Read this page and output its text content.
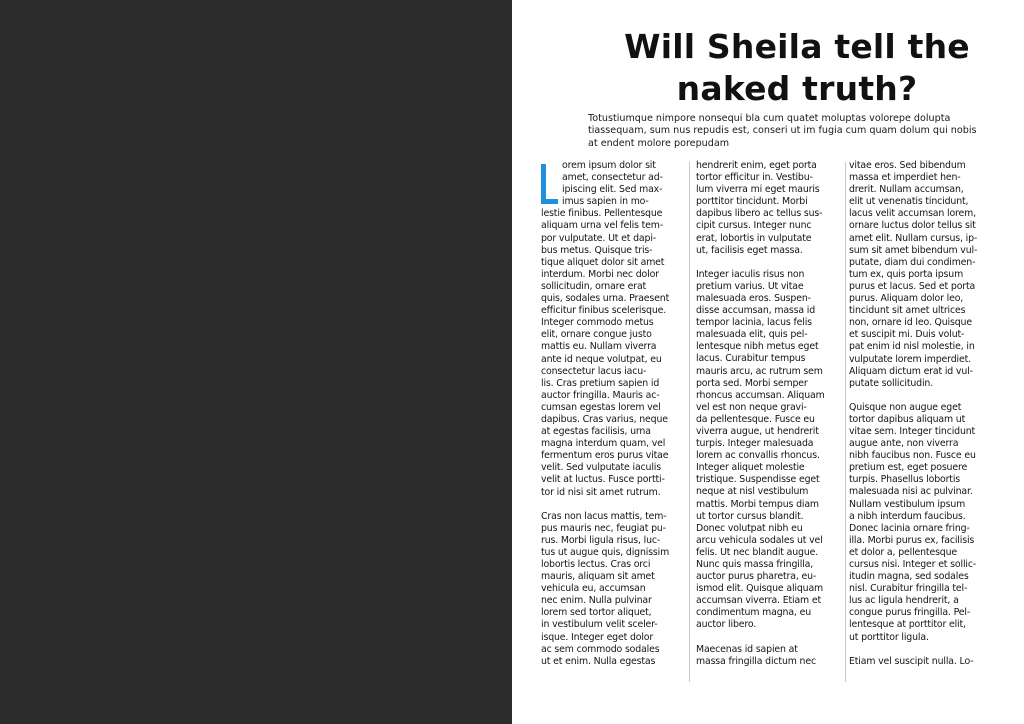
Will Sheila tell the naked truth?

Totustiumque nimpore nonsequi bla cum quatet moluptas volorepe dolupta tiassequam, sum nus repudis est, conseri ut im fugia cum quam dolum qui nobis at endent molore porepudam

orem ipsum dolor sit
amet, consectetur ad-
ipiscing elit. Sed max-
imus sapien in mo-

lestie finibus. Pellentesque
aliquam urna vel felis tem-
por vulputate. Ut et dapi-
bus metus. Quisque tris-
tique aliquet dolor sit amet
interdum. Morbi nec dolor
sollicitudin, ornare erat
quis, sodales urna. Praesent
efficitur finibus scelerisque.
Integer commodo metus
elit, ornare congue justo
mattis eu. Nullam viverra
ante id neque volutpat, eu
consectetur lacus iacu-
lis. Cras pretium sapien id
auctor fringilla. Mauris ac-
cumsan egestas lorem vel
dapibus. Cras varius, neque
at egestas facilisis, urna
magna interdum quam, vel
fermentum eros purus vitae
velit. Sed vulputate iaculis
velit at luctus. Fusce portti-
tor id nisi sit amet rutrum.

Cras non lacus mattis, tem-
pus mauris nec, feugiat pu-
rus. Morbi ligula risus, luc-
tus ut augue quis, dignissim
lobortis lectus. Cras orci
mauris, aliquam sit amet
vehicula eu, accumsan
nec enim. Nulla pulvinar
lorem sed tortor aliquet,
in vestibulum velit sceler-
isque. Integer eget dolor
ac sem commodo sodales
ut et enim. Nulla egestas

hendrerit enim, eget porta
tortor efficitur in. Vestibu-
lum viverra mi eget mauris
porttitor tincidunt. Morbi
dapibus libero ac tellus sus-
cipit cursus. Integer nunc
erat, lobortis in vulputate
ut, facilisis eget massa.

Integer iaculis risus non
pretium varius. Ut vitae
malesuada eros. Suspen-
disse accumsan, massa id
tempor lacinia, lacus felis
malesuada elit, quis pel-
lentesque nibh metus eget
lacus. Curabitur tempus
mauris arcu, ac rutrum sem
porta sed. Morbi semper
rhoncus accumsan. Aliquam
vel est non neque gravi-
da pellentesque. Fusce eu
viverra augue, ut hendrerit
turpis. Integer malesuada
lorem ac convallis rhoncus.
Integer aliquet molestie
tristique. Suspendisse eget
neque at nisl vestibulum
mattis. Morbi tempus diam
ut tortor cursus blandit.
Donec volutpat nibh eu
arcu vehicula sodales ut vel
felis. Ut nec blandit augue.
Nunc quis massa fringilla,
auctor purus pharetra, eu-
ismod elit. Quisque aliquam
accumsan viverra. Etiam et
condimentum magna, eu
auctor libero.

Maecenas id sapien at
massa fringilla dictum nec

vitae eros. Sed bibendum
massa et imperdiet hen-
drerit. Nullam accumsan,
elit ut venenatis tincidunt,
lacus velit accumsan lorem,
ornare luctus dolor tellus sit
amet elit. Nullam cursus, ip-
sum sit amet bibendum vul-
putate, diam dui condimen-
tum ex, quis porta ipsum
purus et lacus. Sed et porta
purus. Aliquam dolor leo,
tincidunt sit amet ultrices
non, ornare id leo. Quisque
et suscipit mi. Duis volut-
pat enim id nisl molestie, in
vulputate lorem imperdiet.
Aliquam dictum erat id vul-
putate sollicitudin.

Quisque non augue eget
tortor dapibus aliquam ut
vitae sem. Integer tincidunt
augue ante, non viverra
nibh faucibus non. Fusce eu
pretium est, eget posuere
turpis. Phasellus lobortis
malesuada nisi ac pulvinar.
Nullam vestibulum ipsum
a nibh interdum faucibus.
Donec lacinia ornare fring-
illa. Morbi purus ex, facilisis
et dolor a, pellentesque
cursus nisi. Integer et sollic-
itudin magna, sed sodales
nisl. Curabitur fringilla tel-
lus ac ligula hendrerit, a
congue purus fringilla. Pel-
lentesque at porttitor elit,
ut porttitor ligula.

Etiam vel suscipit nulla. Lo-
